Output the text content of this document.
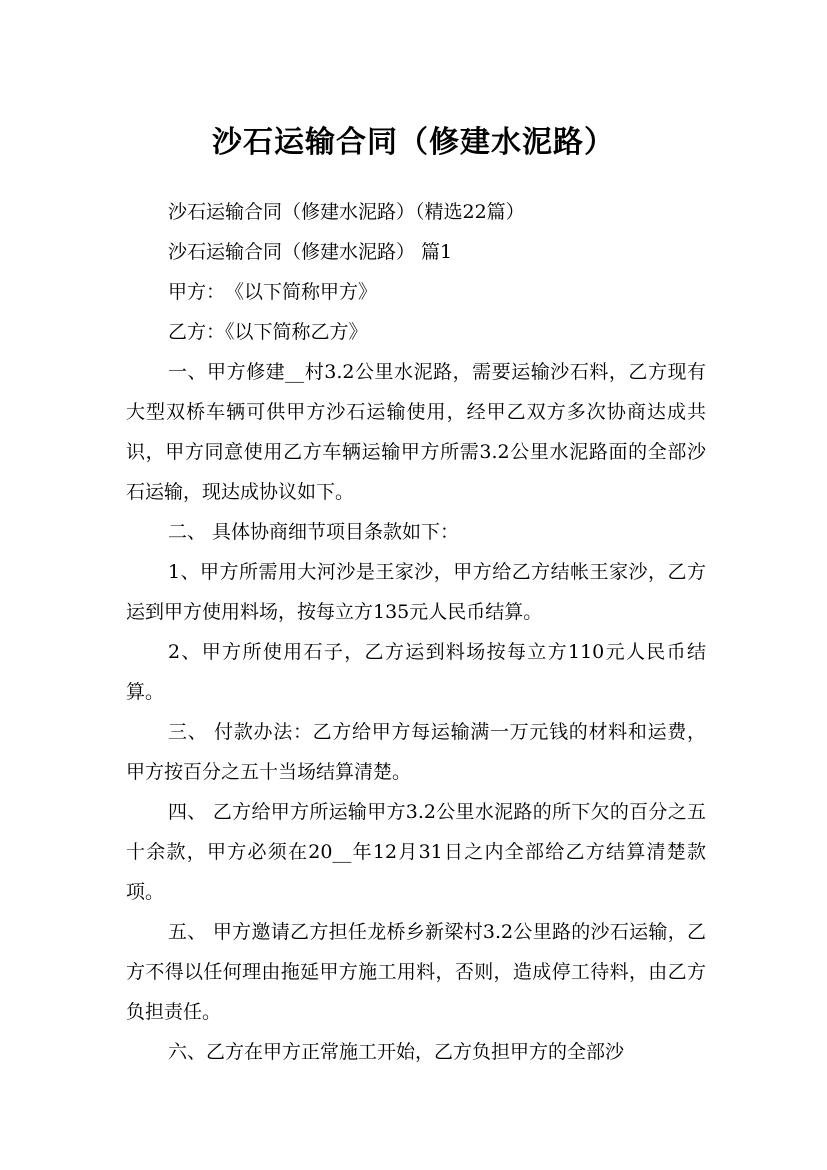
沙石运输合同（修建水泥路）

沙石运输合同（修建水泥路）（精选22篇）

沙石运输合同（修建水泥路） 篇1

甲方：　《以下简称甲方》

乙方：《以下简称乙方》

一、甲方修建__村3.2公里水泥路，需要运输沙石料，乙方现有大型双桥车辆可供甲方沙石运输使用，经甲乙双方多次协商达成共识，甲方同意使用乙方车辆运输甲方所需3.2公里水泥路面的全部沙石运输，现达成协议如下。

二、 具体协商细节项目条款如下：

1、甲方所需用大河沙是王家沙，甲方给乙方结帐王家沙，乙方运到甲方使用料场，按每立方135元人民币结算。

2、甲方所使用石子，乙方运到料场按每立方110元人民币结算。

三、 付款办法：乙方给甲方每运输满一万元钱的材料和运费，甲方按百分之五十当场结算清楚。

四、 乙方给甲方所运输甲方3.2公里水泥路的所下欠的百分之五十余款，甲方必须在20__年12月31日之内全部给乙方结算清楚款项。

五、 甲方邀请乙方担任龙桥乡新梁村3.2公里路的沙石运输，乙方不得以任何理由拖延甲方施工用料，否则，造成停工待料，由乙方负担责任。

六、乙方在甲方正常施工开始，乙方负担甲方的全部沙
